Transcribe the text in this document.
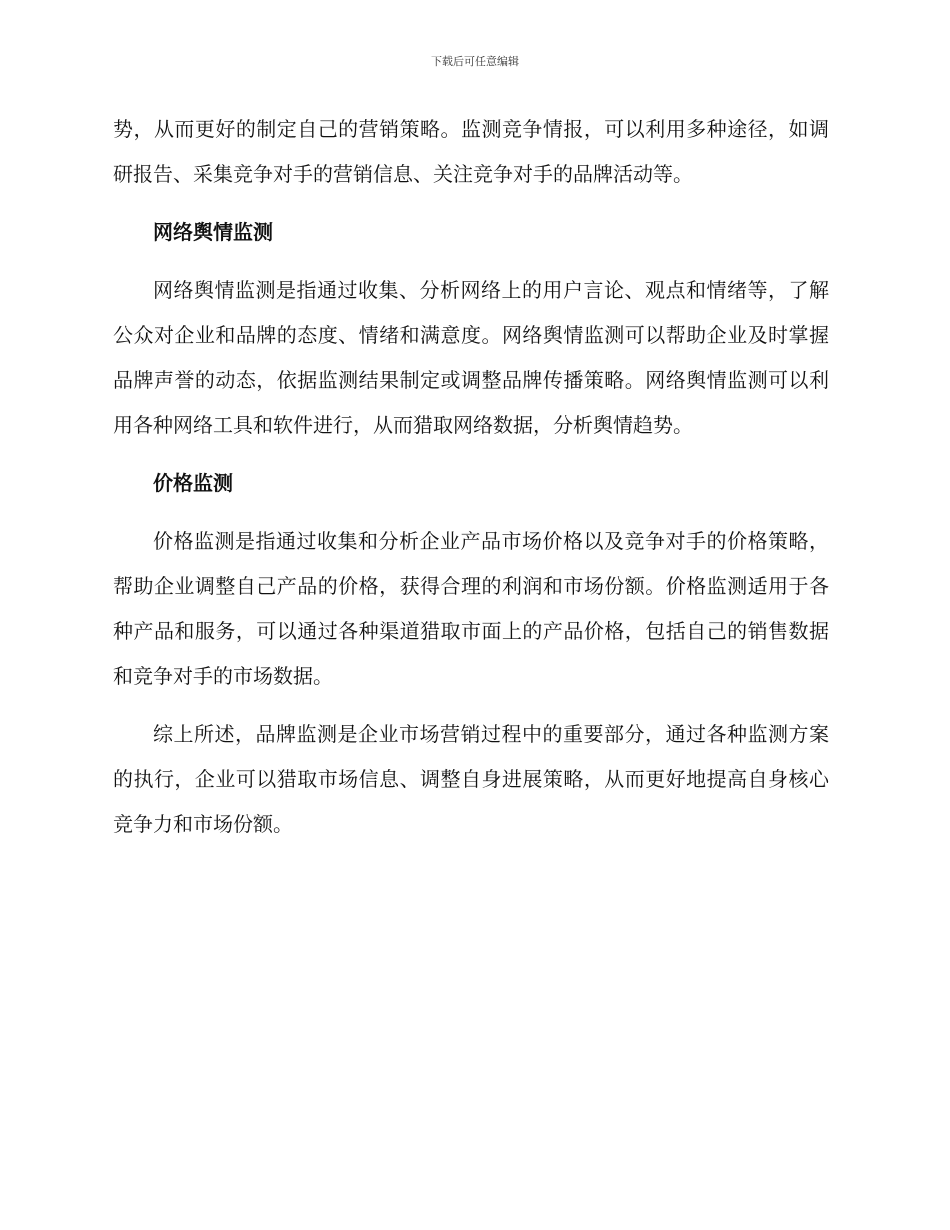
下载后可任意编辑

势，从而更好的制定自己的营销策略。监测竞争情报，可以利用多种途径，如调研报告、采集竞争对手的营销信息、关注竞争对手的品牌活动等。

网络舆情监测

网络舆情监测是指通过收集、分析网络上的用户言论、观点和情绪等，了解公众对企业和品牌的态度、情绪和满意度。网络舆情监测可以帮助企业及时掌握品牌声誉的动态，依据监测结果制定或调整品牌传播策略。网络舆情监测可以利用各种网络工具和软件进行，从而猎取网络数据，分析舆情趋势。

价格监测

价格监测是指通过收集和分析企业产品市场价格以及竞争对手的价格策略，帮助企业调整自己产品的价格，获得合理的利润和市场份额。价格监测适用于各种产品和服务，可以通过各种渠道猎取市面上的产品价格，包括自己的销售数据和竞争对手的市场数据。

综上所述，品牌监测是企业市场营销过程中的重要部分，通过各种监测方案的执行，企业可以猎取市场信息、调整自身进展策略，从而更好地提高自身核心竞争力和市场份额。
